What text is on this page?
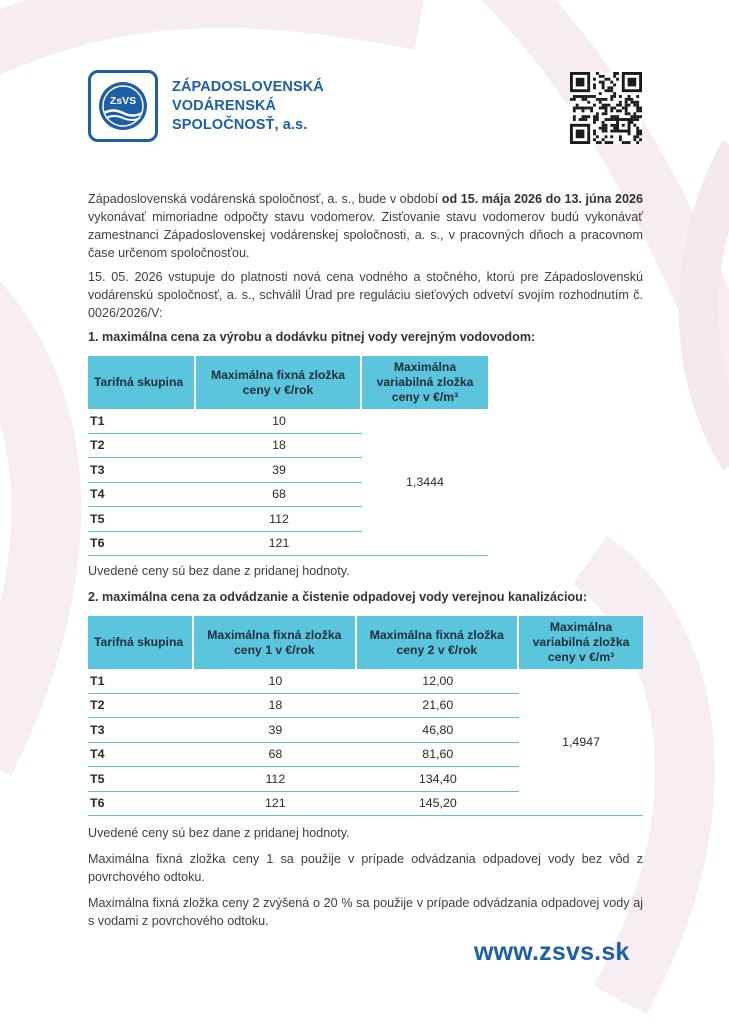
ZsVS
ZÁPADOSLOVENSKÁ
VODÁRENSKÁ
SPOLOČNOSŤ, a.s.

Západoslovenská vodárenská spoločnosť, a. s., bude v období od 15. mája 2026 do 13. júna 2026 vykonávať mimoriadne odpočty stavu vodomerov. Zisťovanie stavu vodomerov budú vykonávať zamestnanci Západoslovenskej vodárenskej spoločnosti, a. s., v pracovných dňoch a pracovnom čase určenom spoločnosťou.

15. 05. 2026 vstupuje do platnosti nová cena vodného a stočného, ktorú pre Západoslovenskú vodárenskú spoločnosť, a. s., schválil Úrad pre reguláciu sieťových odvetví svojím rozhodnutím č. 0026/2026/V:

1. maximálna cena za výrobu a dodávku pitnej vody verejným vodovodom:
Tarifná skupina	Maximálna fixná zložka ceny v €/rok	Maximálna variabilná zložka ceny v €/m³
T1	10	1,3444
T2	18	
T3	39	
T4	68	
T5	112	
T6	121	

Uvedené ceny sú bez dane z pridanej hodnoty.

2. maximálna cena za odvádzanie a čistenie odpadovej vody verejnou kanalizáciou:
Tarifná skupina	Maximálna fixná zložka ceny 1 v €/rok	Maximálna fixná zložka ceny 2 v €/rok	Maximálna variabilná zložka ceny v €/m³
T1	10	12,00	1,4947
T2	18	21,60	
T3	39	46,80	
T4	68	81,60	
T5	112	134,40	
T6	121	145,20	

Uvedené ceny sú bez dane z pridanej hodnoty.

Maximálna fixná zložka ceny 1 sa použije v prípade odvádzania odpadovej vody bez vôd z povrchového odtoku.

Maximálna fixná zložka ceny 2 zvýšená o 20 % sa použije v prípade odvádzania odpadovej vody aj s vodami z povrchového odtoku.

www.zsvs.sk
